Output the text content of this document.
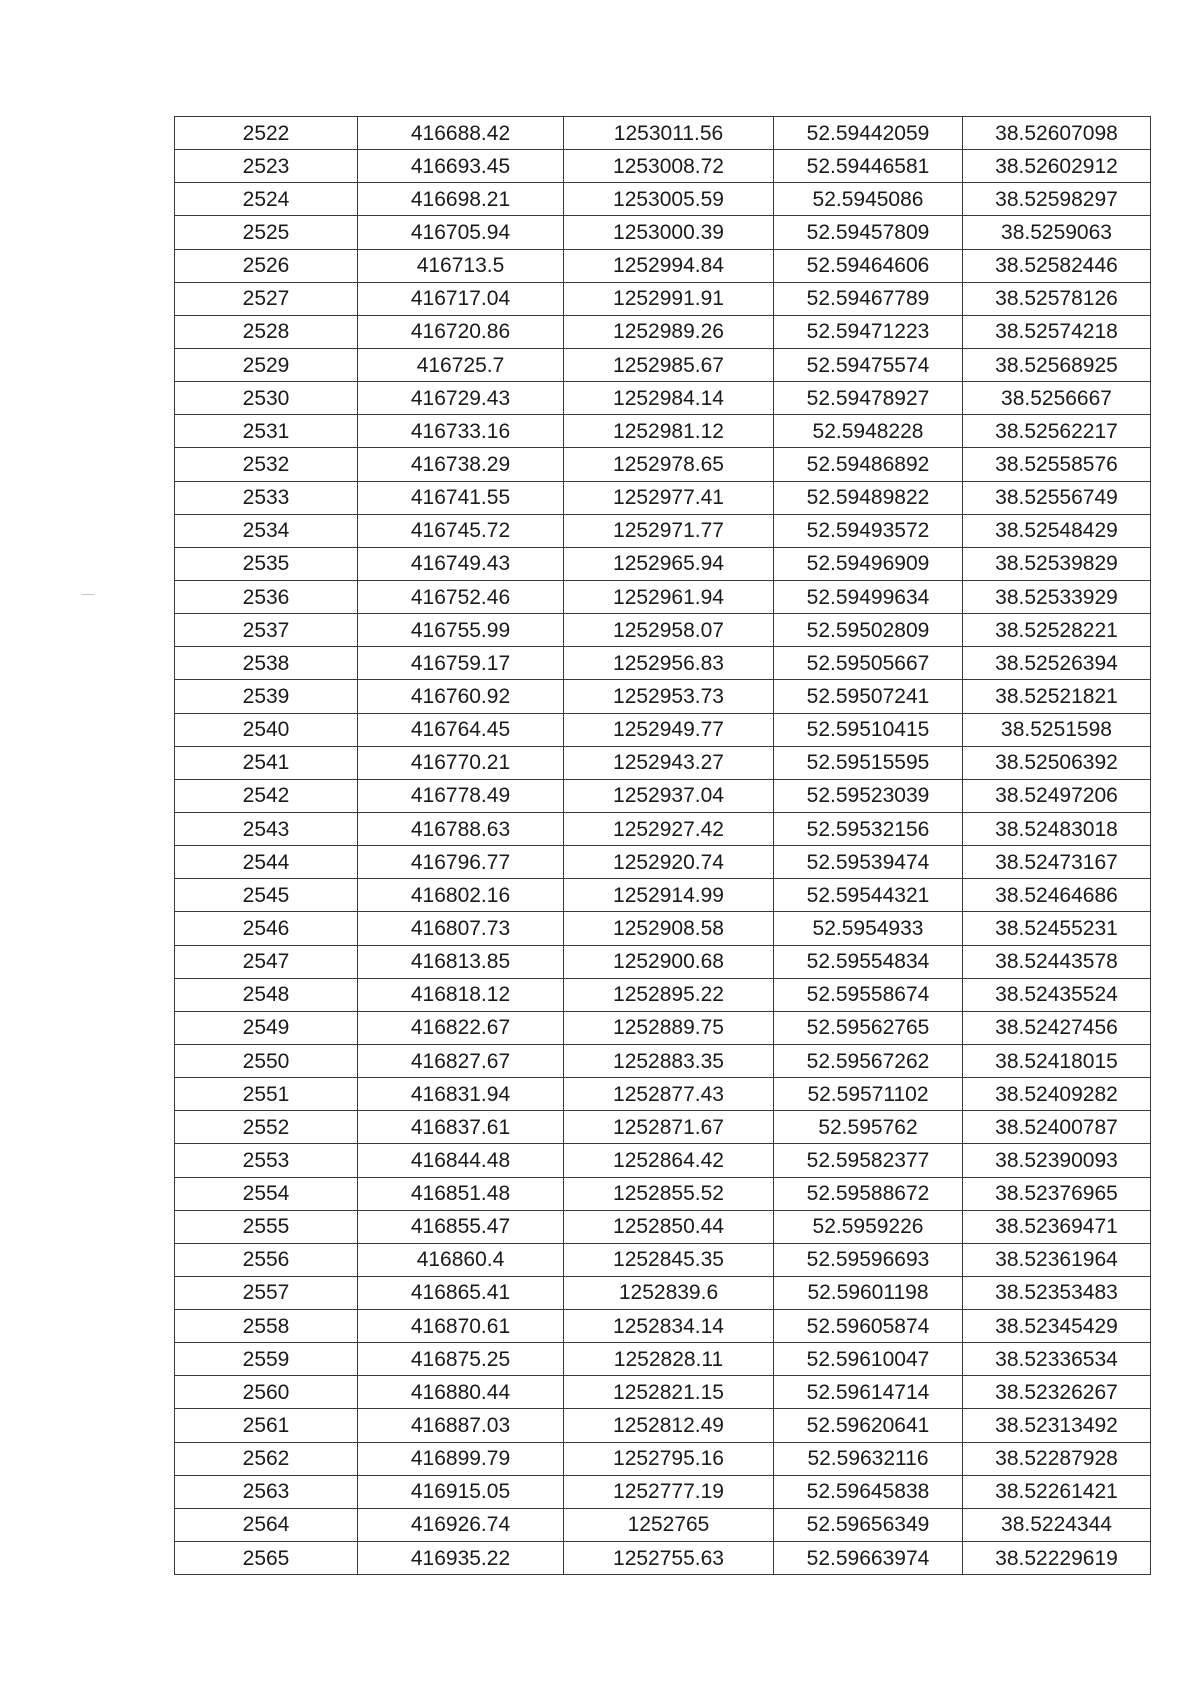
2522	416688.42	1253011.56	52.59442059	38.52607098
2523	416693.45	1253008.72	52.59446581	38.52602912
2524	416698.21	1253005.59	52.5945086	38.52598297
2525	416705.94	1253000.39	52.59457809	38.5259063
2526	416713.5	1252994.84	52.59464606	38.52582446
2527	416717.04	1252991.91	52.59467789	38.52578126
2528	416720.86	1252989.26	52.59471223	38.52574218
2529	416725.7	1252985.67	52.59475574	38.52568925
2530	416729.43	1252984.14	52.59478927	38.5256667
2531	416733.16	1252981.12	52.5948228	38.52562217
2532	416738.29	1252978.65	52.59486892	38.52558576
2533	416741.55	1252977.41	52.59489822	38.52556749
2534	416745.72	1252971.77	52.59493572	38.52548429
2535	416749.43	1252965.94	52.59496909	38.52539829
2536	416752.46	1252961.94	52.59499634	38.52533929
2537	416755.99	1252958.07	52.59502809	38.52528221
2538	416759.17	1252956.83	52.59505667	38.52526394
2539	416760.92	1252953.73	52.59507241	38.52521821
2540	416764.45	1252949.77	52.59510415	38.5251598
2541	416770.21	1252943.27	52.59515595	38.52506392
2542	416778.49	1252937.04	52.59523039	38.52497206
2543	416788.63	1252927.42	52.59532156	38.52483018
2544	416796.77	1252920.74	52.59539474	38.52473167
2545	416802.16	1252914.99	52.59544321	38.52464686
2546	416807.73	1252908.58	52.5954933	38.52455231
2547	416813.85	1252900.68	52.59554834	38.52443578
2548	416818.12	1252895.22	52.59558674	38.52435524
2549	416822.67	1252889.75	52.59562765	38.52427456
2550	416827.67	1252883.35	52.59567262	38.52418015
2551	416831.94	1252877.43	52.59571102	38.52409282
2552	416837.61	1252871.67	52.595762	38.52400787
2553	416844.48	1252864.42	52.59582377	38.52390093
2554	416851.48	1252855.52	52.59588672	38.52376965
2555	416855.47	1252850.44	52.5959226	38.52369471
2556	416860.4	1252845.35	52.59596693	38.52361964
2557	416865.41	1252839.6	52.59601198	38.52353483
2558	416870.61	1252834.14	52.59605874	38.52345429
2559	416875.25	1252828.11	52.59610047	38.52336534
2560	416880.44	1252821.15	52.59614714	38.52326267
2561	416887.03	1252812.49	52.59620641	38.52313492
2562	416899.79	1252795.16	52.59632116	38.52287928
2563	416915.05	1252777.19	52.59645838	38.52261421
2564	416926.74	1252765	52.59656349	38.5224344
2565	416935.22	1252755.63	52.59663974	38.52229619
